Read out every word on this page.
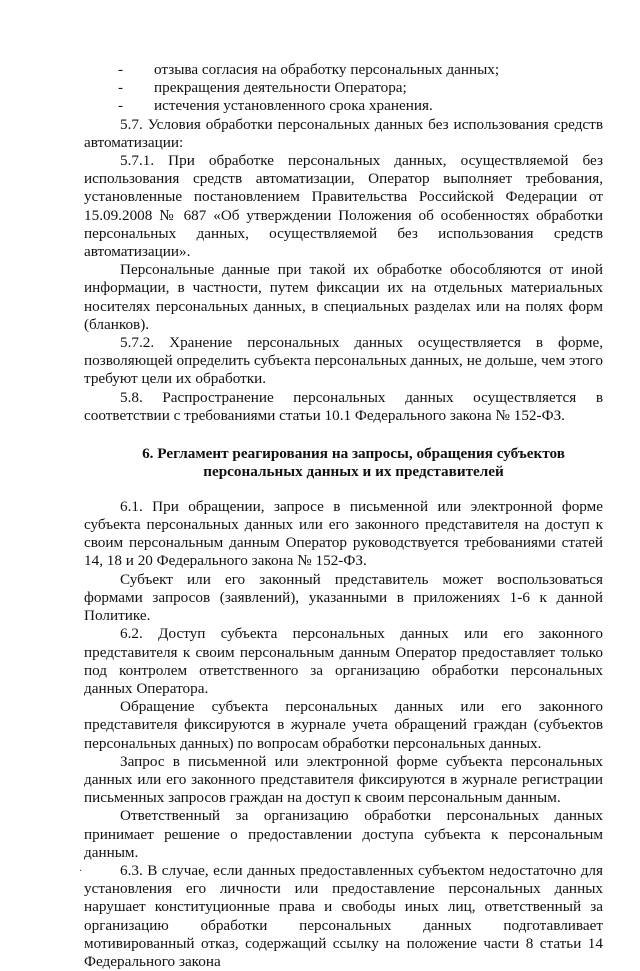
-	отзыва согласия на обработку персональных данных;
-	прекращения деятельности Оператора;
-	истечения установленного срока хранения.
5.7. Условия обработки персональных данных без использования средств автоматизации:
5.7.1. При обработке персональных данных, осуществляемой без использования средств автоматизации, Оператор выполняет требования, установленные постановлением Правительства Российской Федерации от 15.09.2008 № 687 «Об утверждении Положения об особенностях обработки персональных данных, осуществляемой без использования средств автоматизации».
Персональные данные при такой их обработке обособляются от иной информации, в частности, путем фиксации их на отдельных материальных носителях персональных данных, в специальных разделах или на полях форм (бланков).
5.7.2. Хранение персональных данных осуществляется в форме, позволяющей определить субъекта персональных данных, не дольше, чем этого требуют цели их обработки.
5.8. Распространение персональных данных осуществляется в соответствии с требованиями статьи 10.1 Федерального закона № 152-ФЗ.
6. Регламент реагирования на запросы, обращения субъектов
персональных данных и их представителей
6.1. При обращении, запросе в письменной или электронной форме субъекта персональных данных или его законного представителя на доступ к своим персональным данным Оператор руководствуется требованиями статей 14, 18 и 20 Федерального закона № 152-ФЗ.
Субъект или его законный представитель может воспользоваться формами запросов (заявлений), указанными в приложениях 1-6 к данной Политике.
6.2. Доступ субъекта персональных данных или его законного представителя к своим персональным данным Оператор предоставляет только под контролем ответственного за организацию обработки персональных данных Оператора.
Обращение субъекта персональных данных или его законного представителя фиксируются в журнале учета обращений граждан (субъектов персональных данных) по вопросам обработки персональных данных.
Запрос в письменной или электронной форме субъекта персональных данных или его законного представителя фиксируются в журнале регистрации письменных запросов граждан на доступ к своим персональным данным.
Ответственный за организацию обработки персональных данных принимает решение о предоставлении доступа субъекта к персональным данным.
6.3. В случае, если данных предоставленных субъектом недостаточно для установления его личности или предоставление персональных данных нарушает конституционные права и свободы иных лиц, ответственный за организацию обработки персональных данных подготавливает мотивированный отказ, содержащий ссылку на положение части 8 статьи 14 Федерального закона
·
